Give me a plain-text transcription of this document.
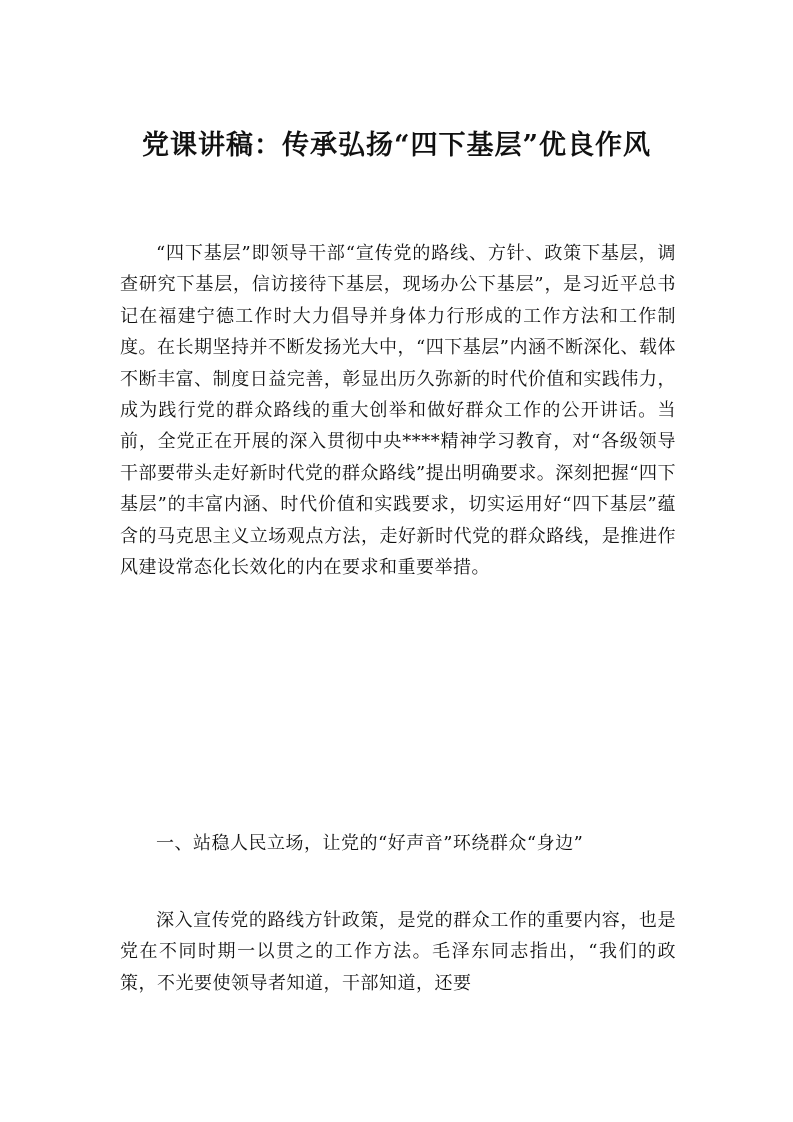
党课讲稿：传承弘扬“四下基层”优良作风

“四下基层”即领导干部“宣传党的路线、方针、政策下基层，调查研究下基层，信访接待下基层，现场办公下基层”，是习近平总书记在福建宁德工作时大力倡导并身体力行形成的工作方法和工作制度。在长期坚持并不断发扬光大中，“四下基层”内涵不断深化、载体不断丰富、制度日益完善，彰显出历久弥新的时代价值和实践伟力，成为践行党的群众路线的重大创举和做好群众工作的公开讲话。当前，全党正在开展的深入贯彻中央****精神学习教育，对“各级领导干部要带头走好新时代党的群众路线”提出明确要求。深刻把握“四下基层”的丰富内涵、时代价值和实践要求，切实运用好“四下基层”蕴含的马克思主义立场观点方法，走好新时代党的群众路线，是推进作风建设常态化长效化的内在要求和重要举措。

一、站稳人民立场，让党的“好声音”环绕群众“身边”

深入宣传党的路线方针政策，是党的群众工作的重要内容，也是党在不同时期一以贯之的工作方法。毛泽东同志指出，“我们的政策，不光要使领导者知道，干部知道，还要
